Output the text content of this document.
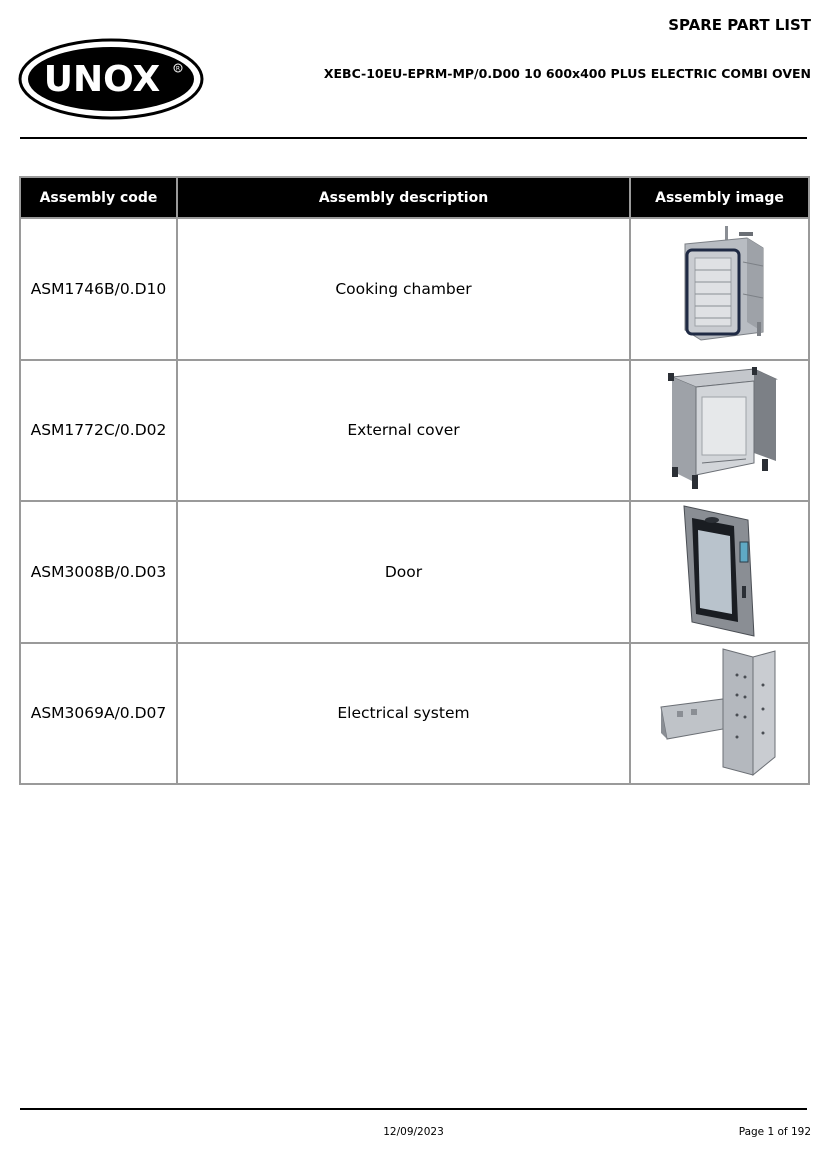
UNOX	R
SPARE PART LIST
XEBC-10EU-EPRM-MP/0.D00 10 600x400 PLUS ELECTRIC COMBI OVEN
Assembly code	Assembly description	Assembly image
ASM1746B/0.D10	Cooking chamber	

ASM1772C/0.D02	External cover	

ASM3008B/0.D03	Door	

ASM3069A/0.D07	Electrical system	
12/09/2023	Page 1 of 192
